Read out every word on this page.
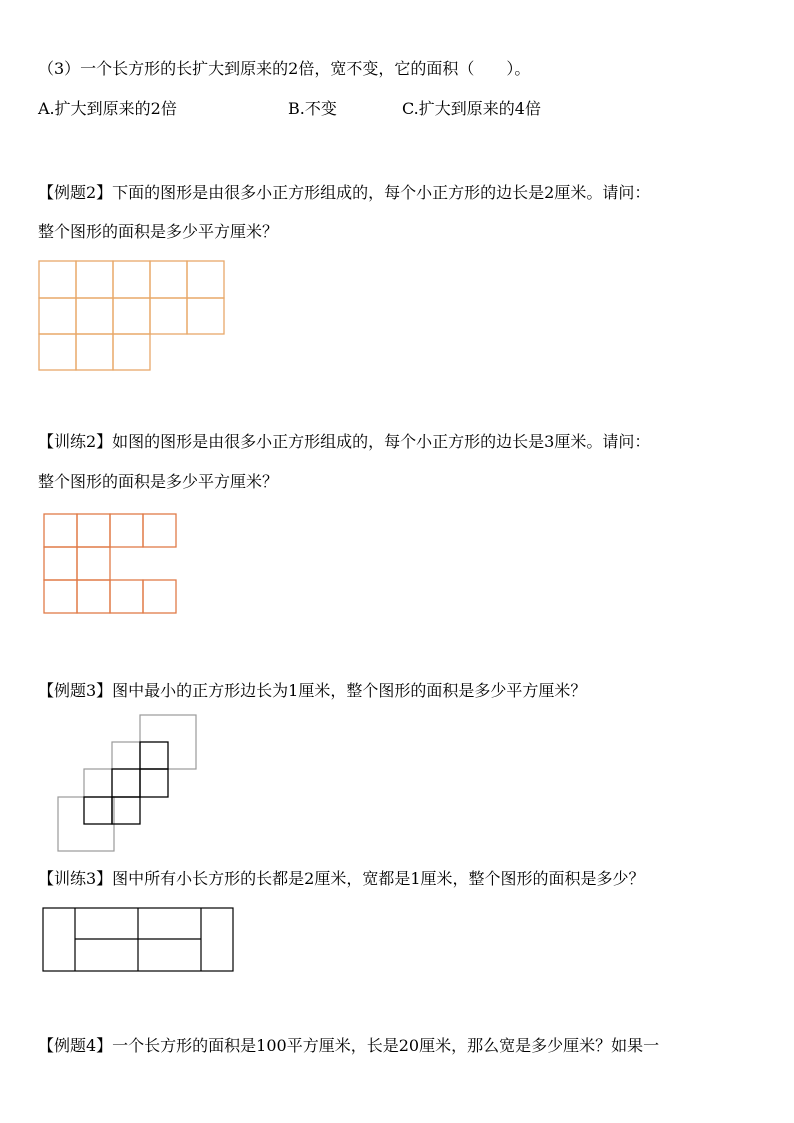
（3）一个长方形的长扩大到原来的2倍，宽不变，它的面积（　　）。
A.扩大到原来的2倍	B.不变	C.扩大到原来的4倍
【例题2】下面的图形是由很多小正方形组成的，每个小正方形的边长是2厘米。请问：
整个图形的面积是多少平方厘米？
【训练2】如图的图形是由很多小正方形组成的，每个小正方形的边长是3厘米。请问：
整个图形的面积是多少平方厘米？
【例题3】图中最小的正方形边长为1厘米，整个图形的面积是多少平方厘米？
【训练3】图中所有小长方形的长都是2厘米，宽都是1厘米，整个图形的面积是多少？
【例题4】一个长方形的面积是100平方厘米，长是20厘米，那么宽是多少厘米？如果一
